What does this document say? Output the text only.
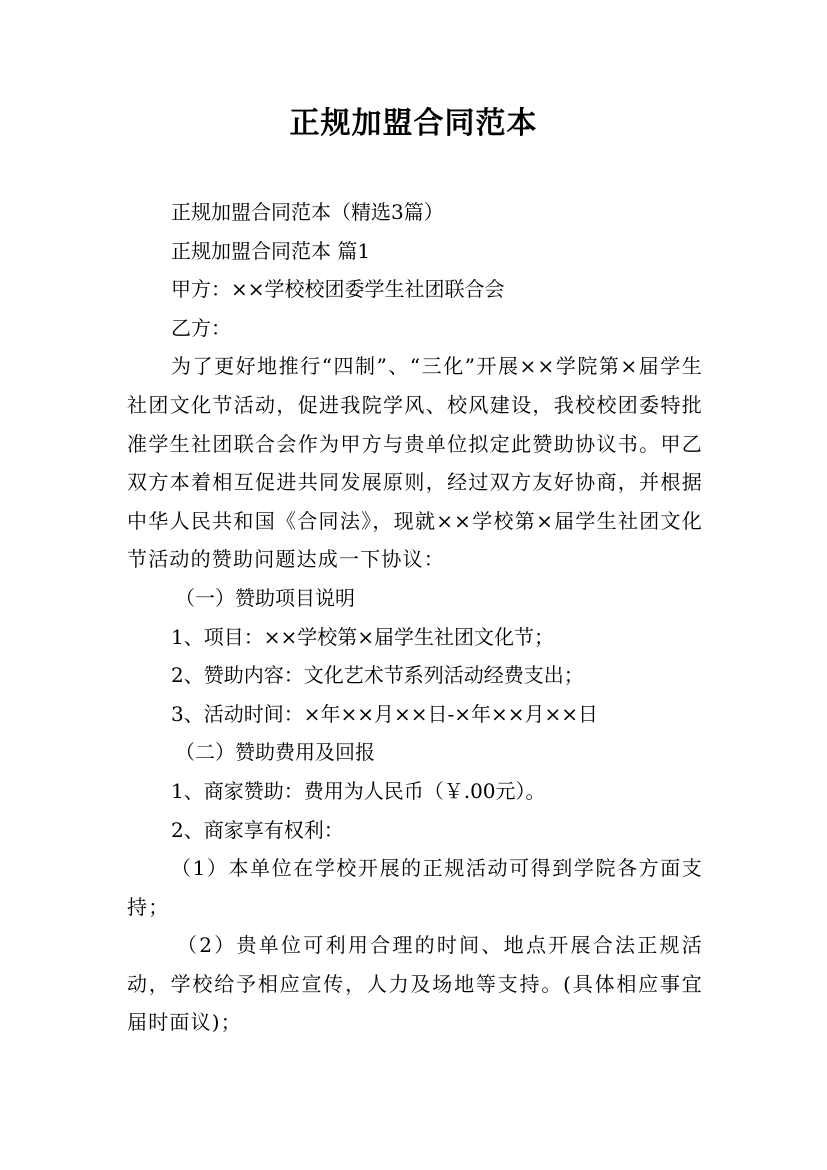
正规加盟合同范本

正规加盟合同范本（精选3篇）

正规加盟合同范本 篇1

甲方：××学校校团委学生社团联合会

乙方：

为了更好地推行“四制”、“三化”开展××学院第×届学生社团文化节活动，促进我院学风、校风建设，我校校团委特批准学生社团联合会作为甲方与贵单位拟定此赞助协议书。甲乙双方本着相互促进共同发展原则，经过双方友好协商，并根据中华人民共和国《合同法》，现就××学校第×届学生社团文化节活动的赞助问题达成一下协议：

（一）赞助项目说明

1、项目：××学校第×届学生社团文化节；

2、赞助内容：文化艺术节系列活动经费支出；

3、活动时间：×年××月××日-×年××月××日

（二）赞助费用及回报

1、商家赞助：费用为人民币（￥.00元）。

2、商家享有权利：

（1）本单位在学校开展的正规活动可得到学院各方面支持；

（2）贵单位可利用合理的时间、地点开展合法正规活动，学校给予相应宣传，人力及场地等支持。(具体相应事宜届时面议)；
